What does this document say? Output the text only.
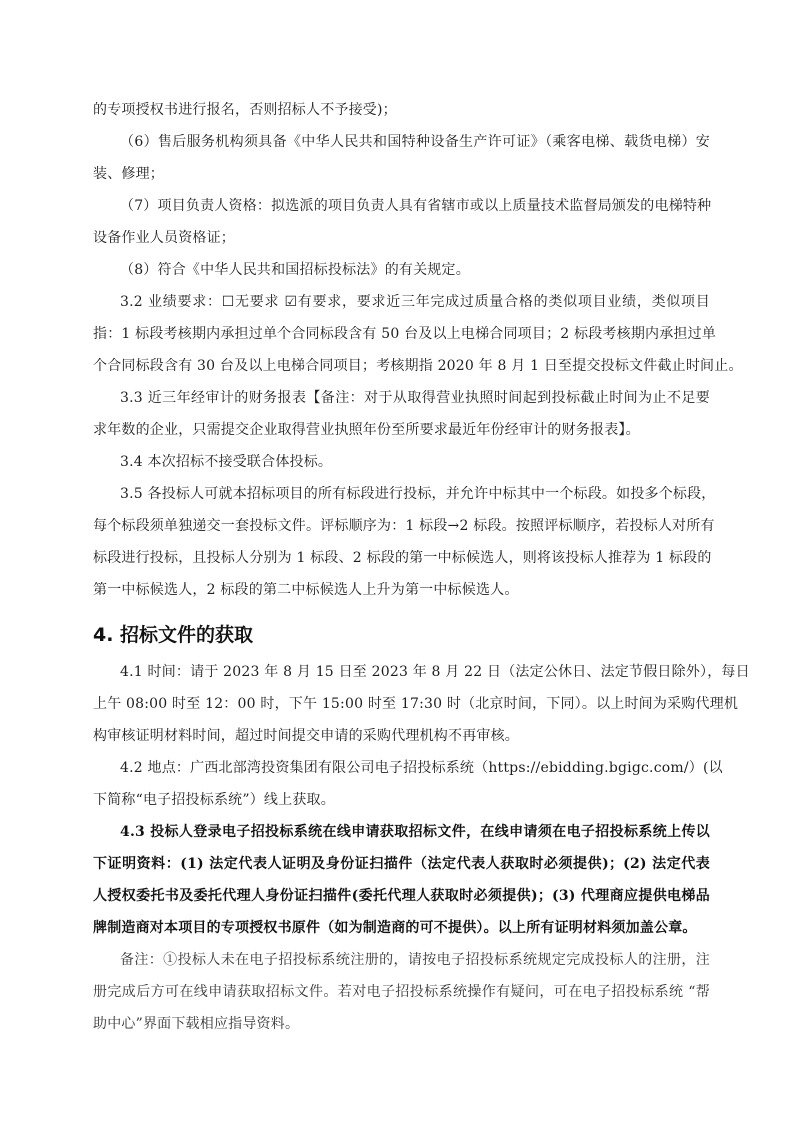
的专项授权书进行报名，否则招标人不予接受)；
（6）售后服务机构须具备《中华人民共和国特种设备生产许可证》（乘客电梯、载货电梯）安
装、修理；
（7）项目负责人资格：拟选派的项目负责人具有省辖市或以上质量技术监督局颁发的电梯特种
设备作业人员资格证；
（8）符合《中华人民共和国招标投标法》的有关规定。
3.2 业绩要求：☐无要求 ☑有要求，要求近三年完成过质量合格的类似项目业绩，类似项目
指：1 标段考核期内承担过单个合同标段含有 50 台及以上电梯合同项目；2 标段考核期内承担过单
个合同标段含有 30 台及以上电梯合同项目；考核期指 2020 年 8 月 1 日至提交投标文件截止时间止。
3.3 近三年经审计的财务报表【备注：对于从取得营业执照时间起到投标截止时间为止不足要
求年数的企业，只需提交企业取得营业执照年份至所要求最近年份经审计的财务报表】。
3.4 本次招标不接受联合体投标。
3.5 各投标人可就本招标项目的所有标段进行投标，并允许中标其中一个标段。如投多个标段，
每个标段须单独递交一套投标文件。评标顺序为：1 标段→2 标段。按照评标顺序，若投标人对所有
标段进行投标，且投标人分别为 1 标段、2 标段的第一中标候选人，则将该投标人推荐为 1 标段的
第一中标候选人，2 标段的第二中标候选人上升为第一中标候选人。
4. 招标文件的获取
4.1 时间：请于 2023 年 8 月 15 日至 2023 年 8 月 22 日（法定公休日、法定节假日除外），每日
上午 08:00 时至 12：00 时，下午 15:00 时至 17:30 时（北京时间，下同）。以上时间为采购代理机
构审核证明材料时间，超过时间提交申请的采购代理机构不再审核。
4.2 地点：广西北部湾投资集团有限公司电子招投标系统（https://ebidding.bgigc.com/）(以
下简称“电子招投标系统”）线上获取。
4.3 投标人登录电子招投标系统在线申请获取招标文件，在线申请须在电子招投标系统上传以
下证明资料：(1) 法定代表人证明及身份证扫描件（法定代表人获取时必须提供)；(2) 法定代表
人授权委托书及委托代理人身份证扫描件(委托代理人获取时必须提供)；(3) 代理商应提供电梯品
牌制造商对本项目的专项授权书原件（如为制造商的可不提供）。以上所有证明材料须加盖公章。
备注：①投标人未在电子招投标系统注册的，请按电子招投标系统规定完成投标人的注册，注
册完成后方可在线申请获取招标文件。若对电子招投标系统操作有疑问，可在电子招投标系统 “帮
助中心”界面下载相应指导资料。
